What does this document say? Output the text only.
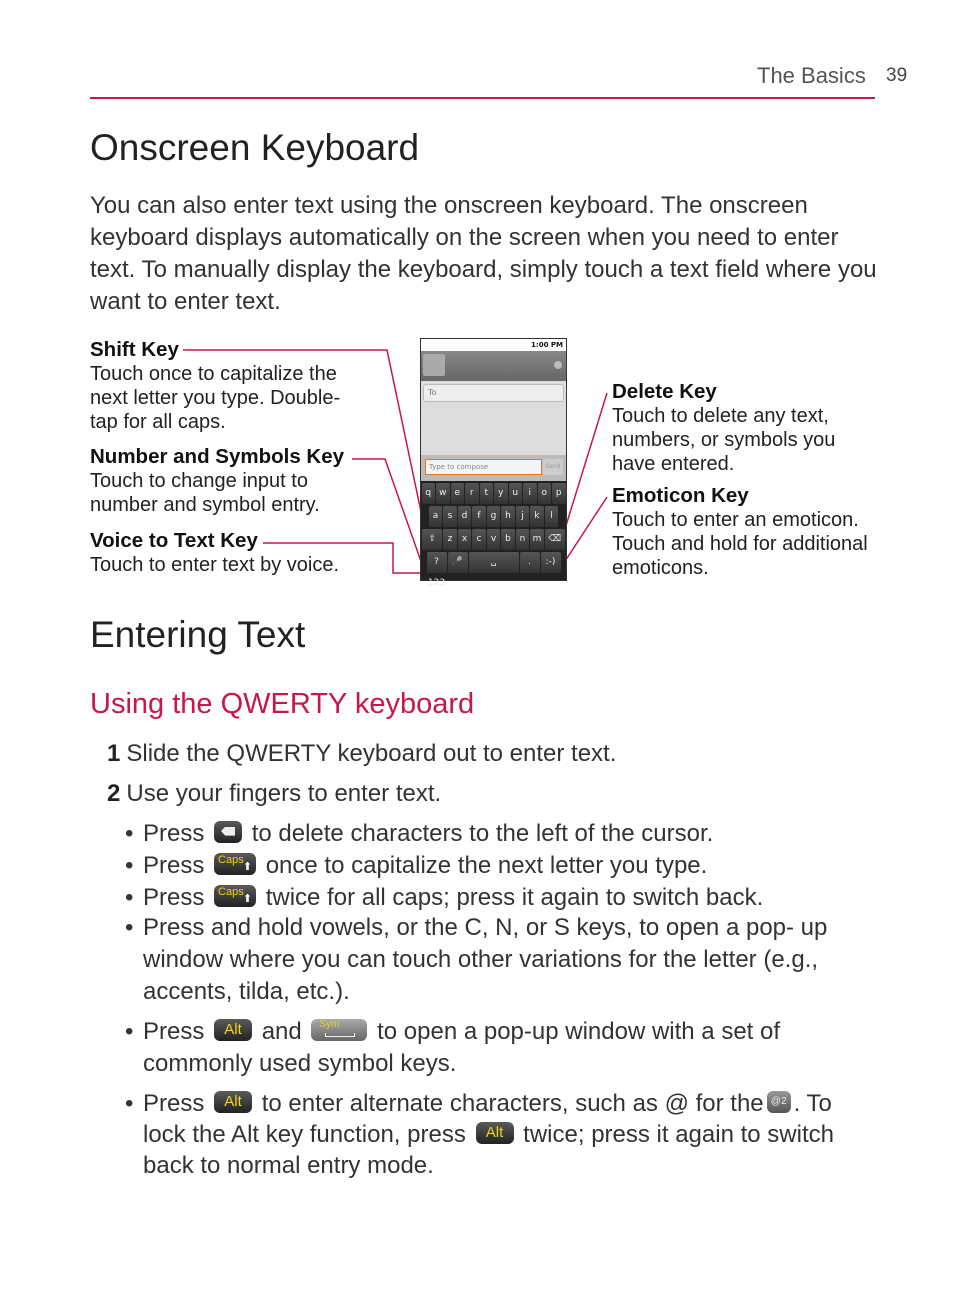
The Basics 39
Onscreen Keyboard
You can also enter text using the onscreen keyboard. The onscreen keyboard displays automatically on the screen when you need to enter text. To manually display the keyboard, simply touch a text field where you want to enter text.
Shift Key
Touch once to capitalize the next letter you type. Double-tap for all caps.
Number and Symbols Key
Touch to change input to number and symbol entry.
Voice to Text Key
Touch to enter text by voice.
Delete Key
Touch to delete any text, numbers, or symbols you have entered.
Emoticon Key
Touch to enter an emoticon. Touch and hold for additional emoticons.
1:00 PM
To
Type to compose	Send
q w e	r	t	y u	i	o p
a	s	d	f	g h	j	k	l
⇧	z	x	c	v b n m ⌫
?123
🎤	␣	.	:-)
Entering Text
Using the QWERTY keyboard
1 Slide the QWERTY keyboard out to enter text.
2 Use your fingers to enter text.
• Press to delete characters to the left of the cursor.
• Press Caps
⬆ once to capitalize the next letter you type.
• Press Caps
⬆ twice for all caps; press it again to switch back.
• Press and hold vowels, or the C, N, or S keys, to open a pop- up window where you can touch other variations for the letter (e.g., accents, tilda, etc.).
• Press Alt and Sym to open a pop-up window with a set of commonly used symbol keys.
• Press Alt to enter alternate characters, such as @ for the @2 . To lock the Alt key function, press Alt twice; press it again to switch back to normal entry mode.
